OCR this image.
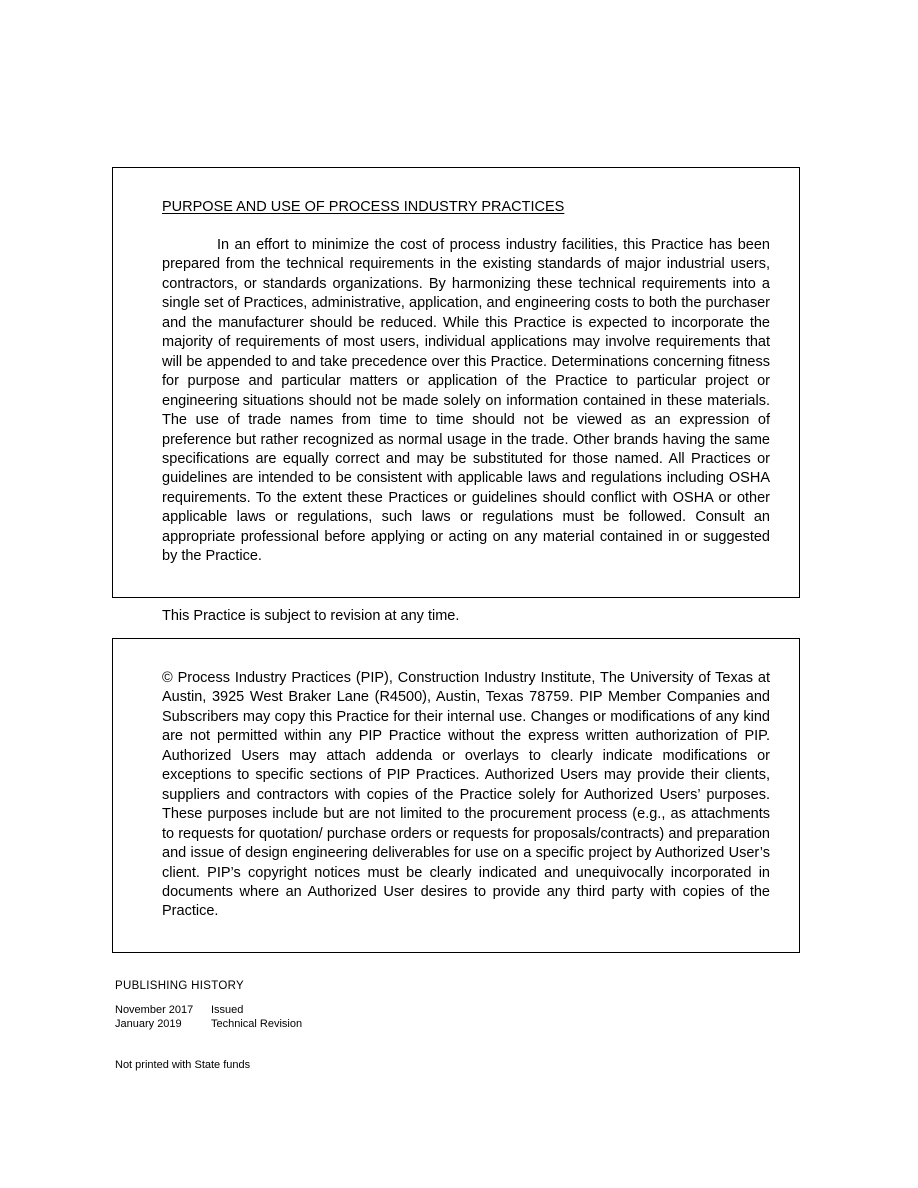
PURPOSE AND USE OF PROCESS INDUSTRY PRACTICES
In an effort to minimize the cost of process industry facilities, this Practice has been prepared from the technical requirements in the existing standards of major industrial users, contractors, or standards organizations. By harmonizing these technical requirements into a single set of Practices, administrative, application, and engineering costs to both the purchaser and the manufacturer should be reduced. While this Practice is expected to incorporate the majority of requirements of most users, individual applications may involve requirements that will be appended to and take precedence over this Practice. Determinations concerning fitness for purpose and particular matters or application of the Practice to particular project or engineering situations should not be made solely on information contained in these materials. The use of trade names from time to time should not be viewed as an expression of preference but rather recognized as normal usage in the trade. Other brands having the same specifications are equally correct and may be substituted for those named. All Practices or guidelines are intended to be consistent with applicable laws and regulations including OSHA requirements. To the extent these Practices or guidelines should conflict with OSHA or other applicable laws or regulations, such laws or regulations must be followed. Consult an appropriate professional before applying or acting on any material contained in or suggested by the Practice.
This Practice is subject to revision at any time.
© Process Industry Practices (PIP), Construction Industry Institute, The University of Texas at Austin, 3925 West Braker Lane (R4500), Austin, Texas 78759. PIP Member Companies and Subscribers may copy this Practice for their internal use. Changes or modifications of any kind are not permitted within any PIP Practice without the express written authorization of PIP. Authorized Users may attach addenda or overlays to clearly indicate modifications or exceptions to specific sections of PIP Practices. Authorized Users may provide their clients, suppliers and contractors with copies of the Practice solely for Authorized Users’ purposes. These purposes include but are not limited to the procurement process (e.g., as attachments to requests for quotation/ purchase orders or requests for proposals/contracts) and preparation and issue of design engineering deliverables for use on a specific project by Authorized User’s client. PIP’s copyright notices must be clearly indicated and unequivocally incorporated in documents where an Authorized User desires to provide any third party with copies of the Practice.
PUBLISHING HISTORY
November 2017 Issued
January 2019	Technical Revision
Not printed with State funds
